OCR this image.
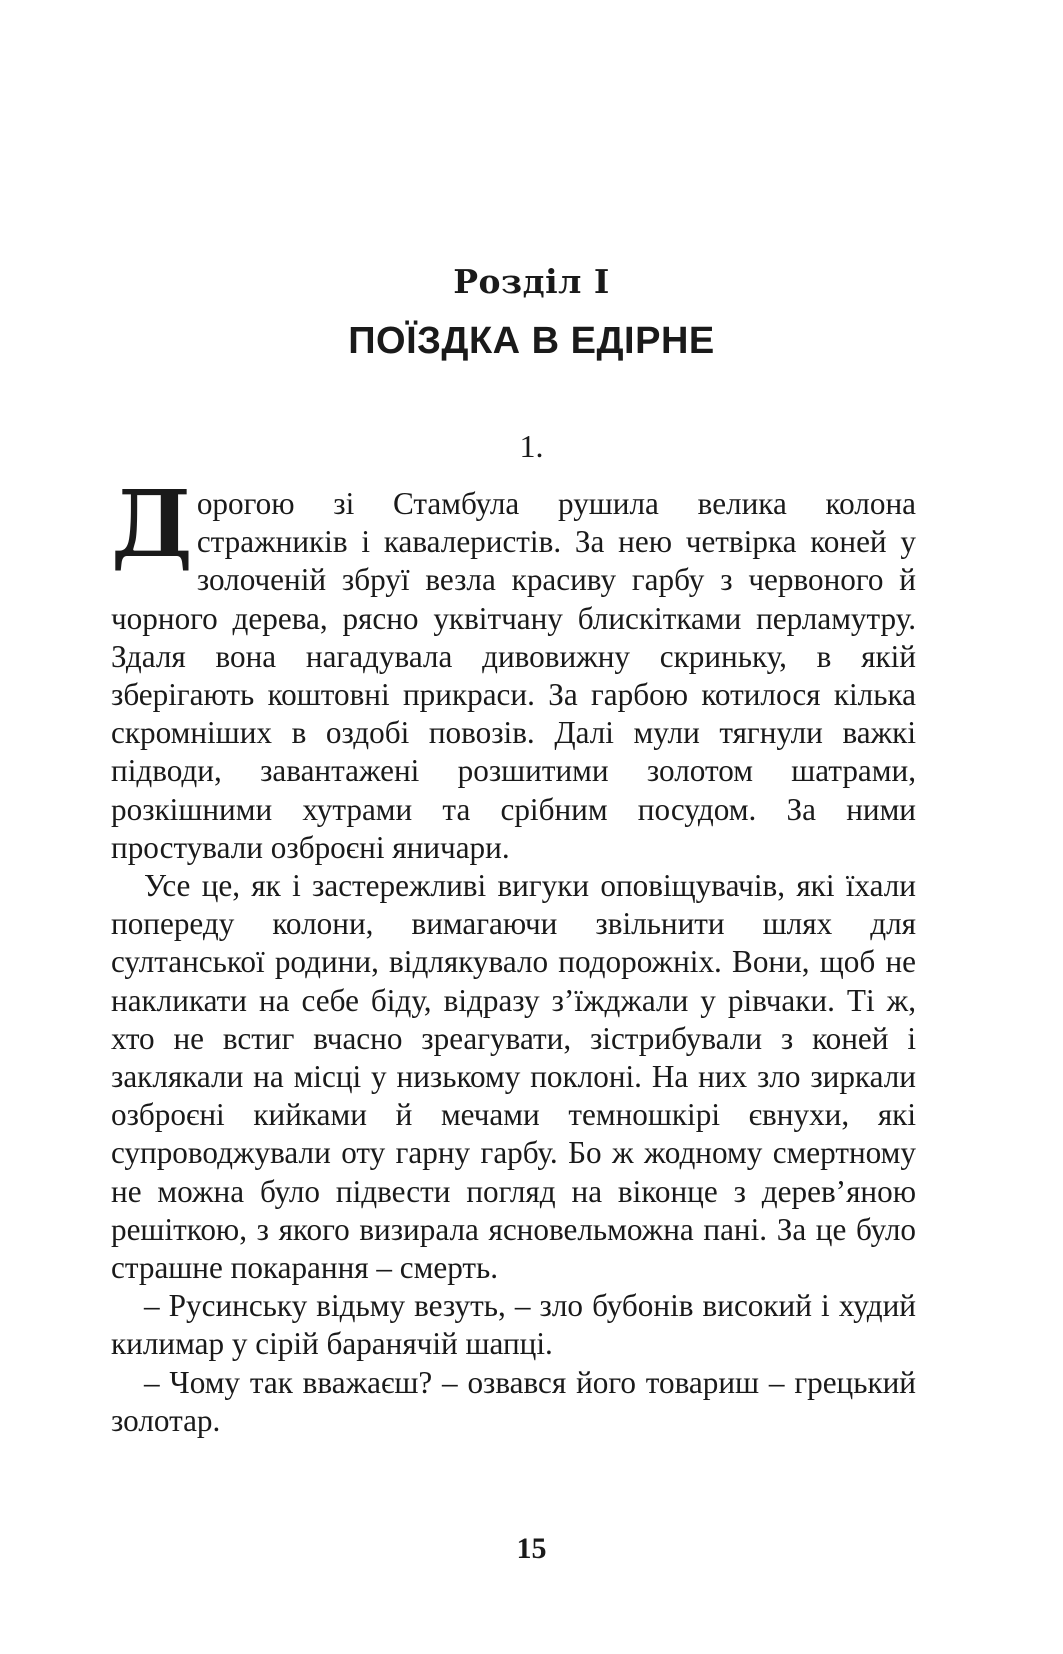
Розділ І
ПОЇЗДКА В ЕДІРНЕ
1.

Дорогою зі Стамбула рушила велика колона стражників і кавалеристів. За нею четвірка коней у золоченій збруї везла красиву гарбу з червоного й чорного дерева, рясно уквітчану блискітками перламутру. Здаля вона нагадувала дивовижну скриньку, в якій зберігають коштовні прикраси. За гарбою котилося кілька скромніших в оздобі повозів. Далі мули тягнули важкі підводи, завантажені розшитими золотом шатрами, розкішними хутрами та срібним посудом. За ними простували озброєні яничари.

Усе це, як і застережливі вигуки оповіщувачів, які їхали попереду колони, вимагаючи звільнити шлях для султанської родини, відлякувало подорожніх. Вони, щоб не накликати на себе біду, відразу з’їжджали у рівчаки. Ті ж, хто не встиг вчасно зреагувати, зістрибували з коней і заклякали на місці у низькому поклоні. На них зло зиркали озброєні кийками й мечами темношкірі євнухи, які супроводжували оту гарну гарбу. Бо ж жодному смертному не можна було підвести погляд на віконце з дерев’яною решіткою, з якого визирала ясновельможна пані. За це було страшне покарання – смерть.

– Русинську відьму везуть, – зло бубонів високий і худий килимар у сірій баранячій шапці.

– Чому так вважаєш? – озвався його товариш – грецький золотар.

15
